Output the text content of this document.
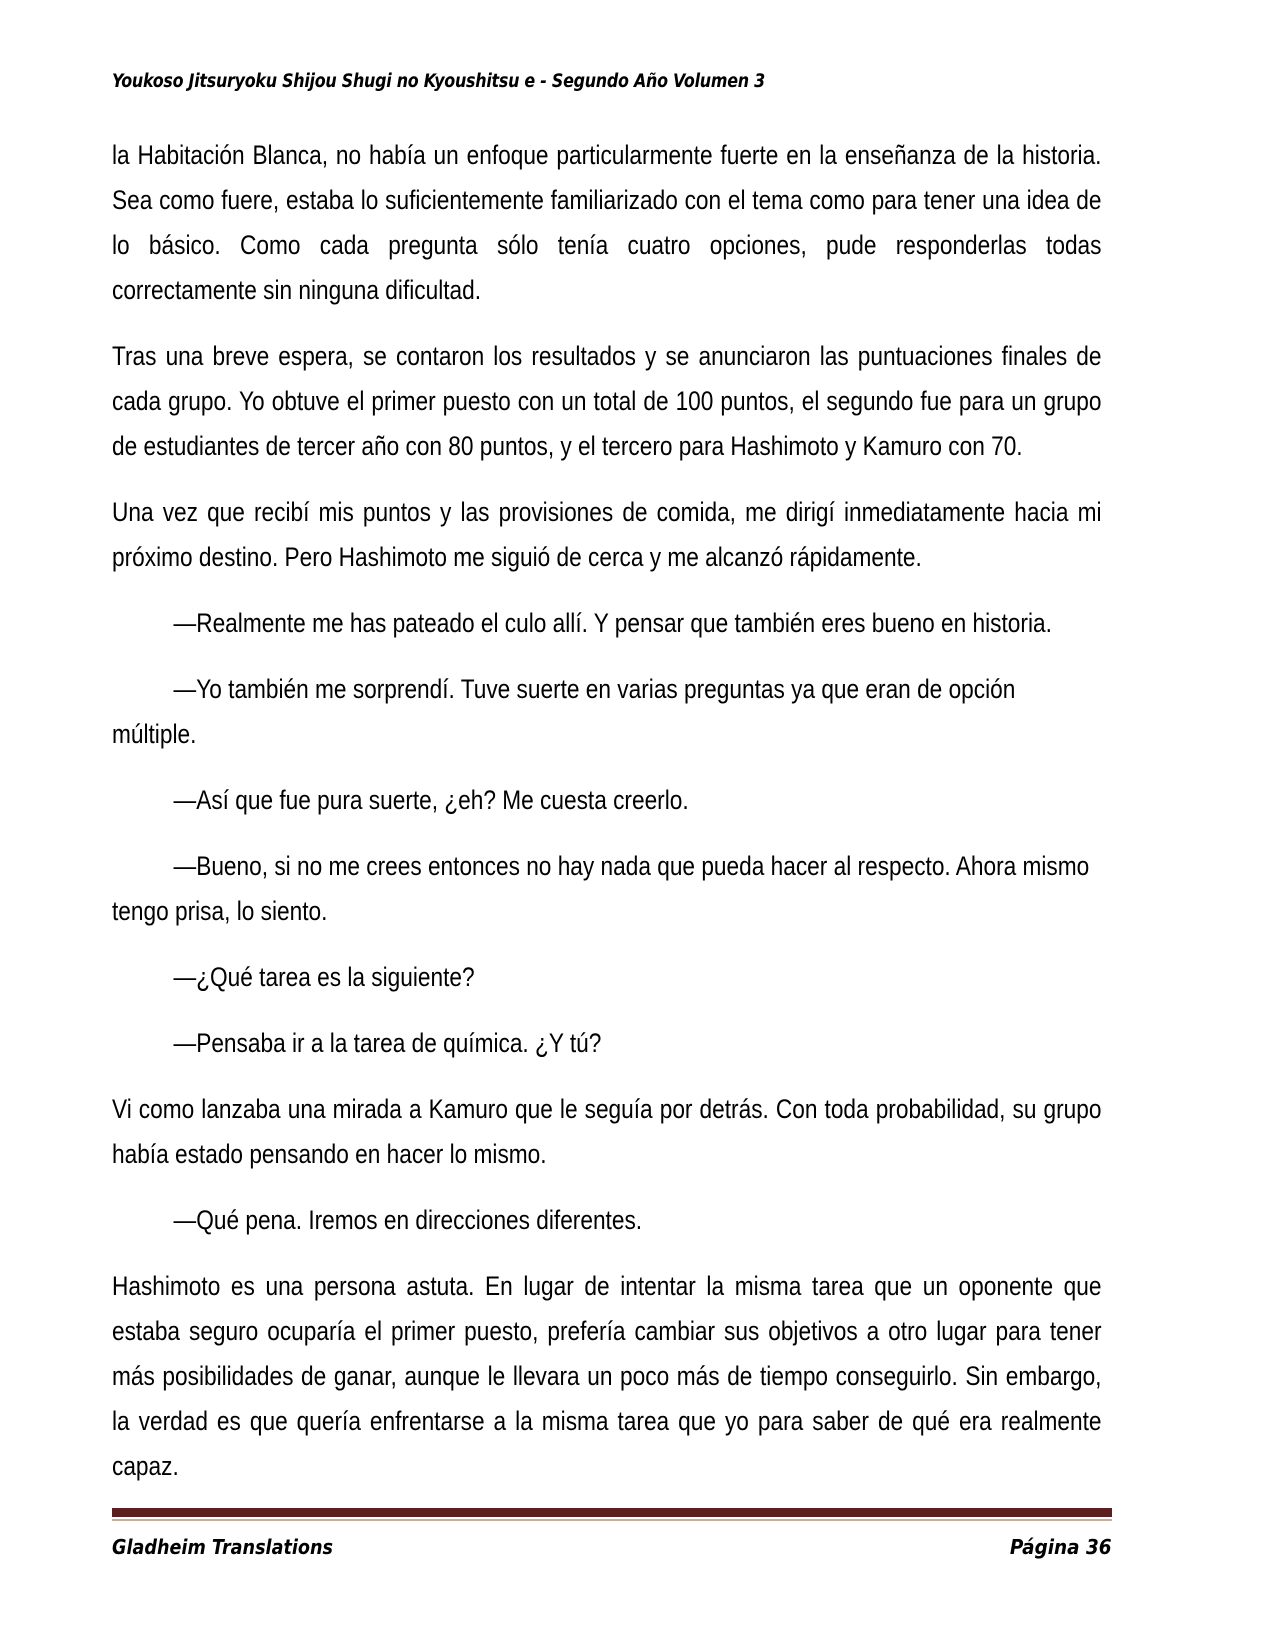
Youkoso Jitsuryoku Shijou Shugi no Kyoushitsu e - Segundo Año Volumen 3

la Habitación Blanca, no había un enfoque particularmente fuerte en la enseñanza de la historia. Sea como fuere, estaba lo suficientemente familiarizado con el tema como para tener una idea de lo básico. Como cada pregunta sólo tenía cuatro opciones, pude responderlas todas correctamente sin ninguna dificultad.

Tras una breve espera, se contaron los resultados y se anunciaron las puntuaciones finales de cada grupo. Yo obtuve el primer puesto con un total de 100 puntos, el segundo fue para un grupo de estudiantes de tercer año con 80 puntos, y el tercero para Hashimoto y Kamuro con 70.

Una vez que recibí mis puntos y las provisiones de comida, me dirigí inmediatamente hacia mi próximo destino. Pero Hashimoto me siguió de cerca y me alcanzó rápidamente.

—Realmente me has pateado el culo allí. Y pensar que también eres bueno en historia.

—Yo también me sorprendí. Tuve suerte en varias preguntas ya que eran de opción múltiple.

—Así que fue pura suerte, ¿eh? Me cuesta creerlo.

—Bueno, si no me crees entonces no hay nada que pueda hacer al respecto. Ahora mismo tengo prisa, lo siento.

—¿Qué tarea es la siguiente?

—Pensaba ir a la tarea de química. ¿Y tú?

Vi como lanzaba una mirada a Kamuro que le seguía por detrás. Con toda probabilidad, su grupo había estado pensando en hacer lo mismo.

—Qué pena. Iremos en direcciones diferentes.

Hashimoto es una persona astuta. En lugar de intentar la misma tarea que un oponente que estaba seguro ocuparía el primer puesto, prefería cambiar sus objetivos a otro lugar para tener más posibilidades de ganar, aunque le llevara un poco más de tiempo conseguirlo. Sin embargo, la verdad es que quería enfrentarse a la misma tarea que yo para saber de qué era realmente capaz.

Gladheim Translations	Página 36
